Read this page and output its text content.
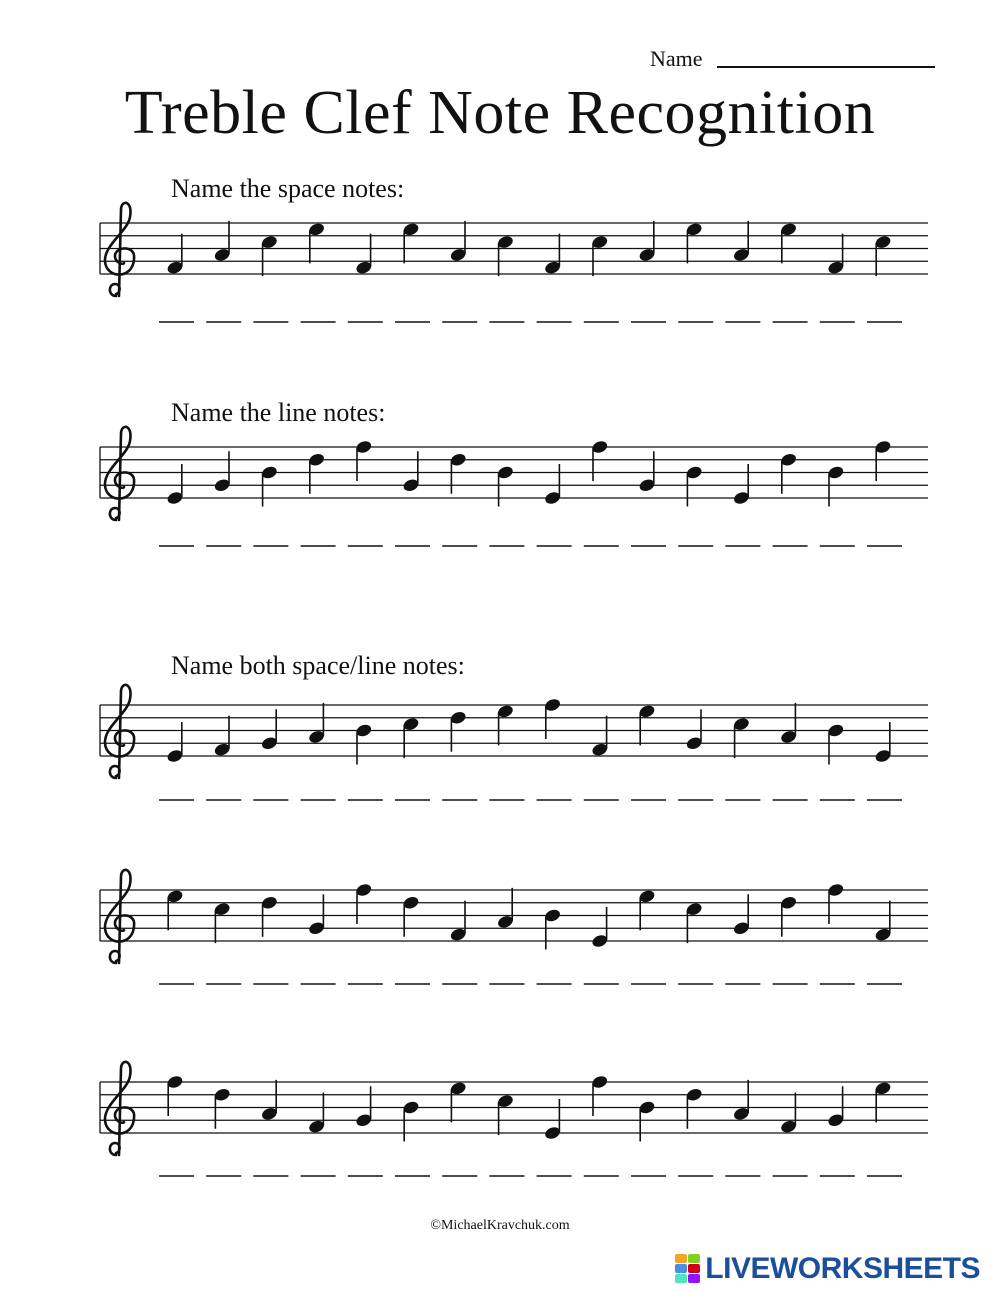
Name
Treble Clef Note Recognition
Name the space notes:
Name the line notes:
Name both space/line notes:
©MichaelKravchuk.com
LIVEWORKSHEETS
